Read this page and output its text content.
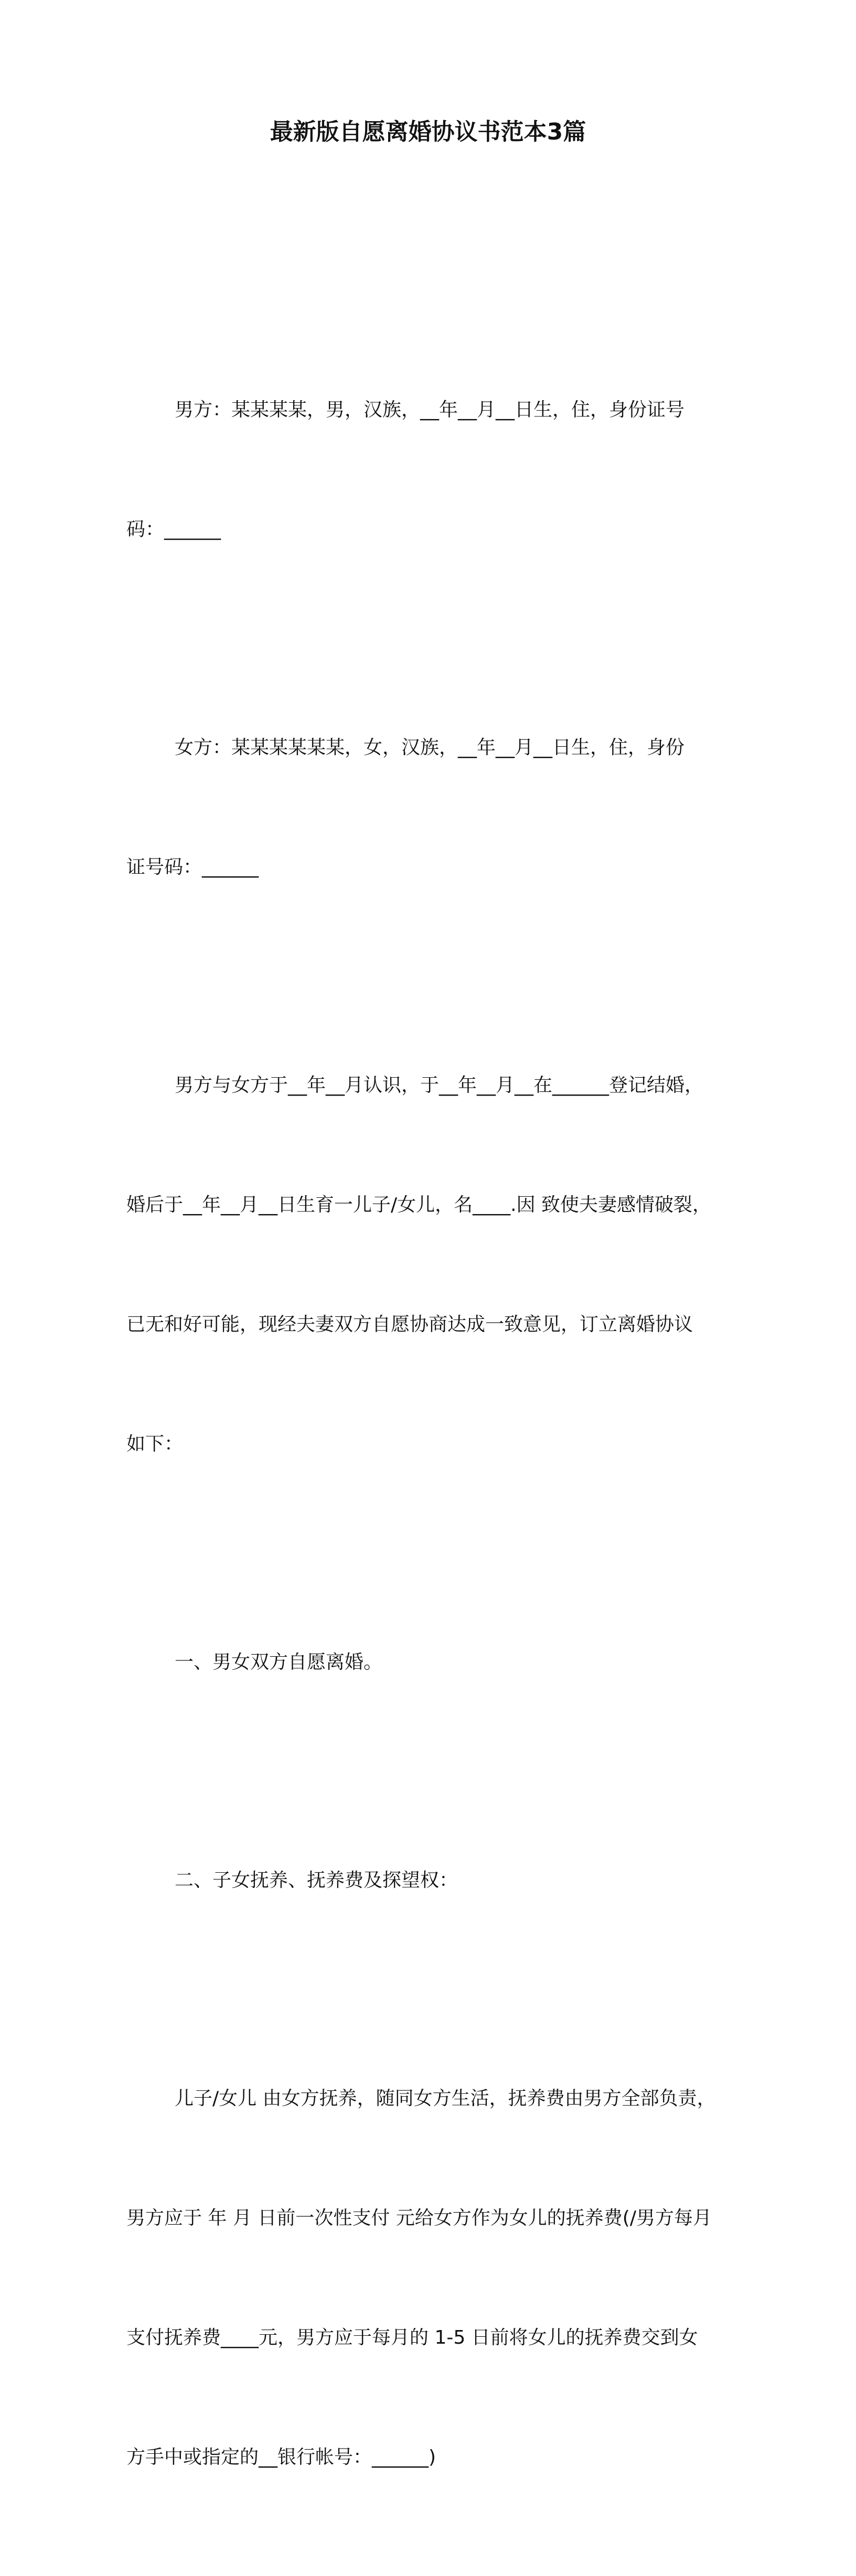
最新版自愿离婚协议书范本3篇

男方：某某某某，男，汉族，__年__月__日生，住，身份证号

码：______

女方：某某某某某某，女，汉族，__年__月__日生，住，身份

证号码：______

男方与女方于__年__月认识，于__年__月__在______登记结婚，

婚后于__年__月__日生育一儿子/女儿，名____.因 致使夫妻感情破裂，

已无和好可能，现经夫妻双方自愿协商达成一致意见，订立离婚协议

如下：

一、男女双方自愿离婚。

二、子女抚养、抚养费及探望权：

儿子/女儿 由女方抚养，随同女方生活，抚养费由男方全部负责，

男方应于 年 月 日前一次性支付 元给女方作为女儿的抚养费(/男方每月

支付抚养费____元，男方应于每月的 1-5 日前将女儿的抚养费交到女

方手中或指定的__银行帐号：______)
